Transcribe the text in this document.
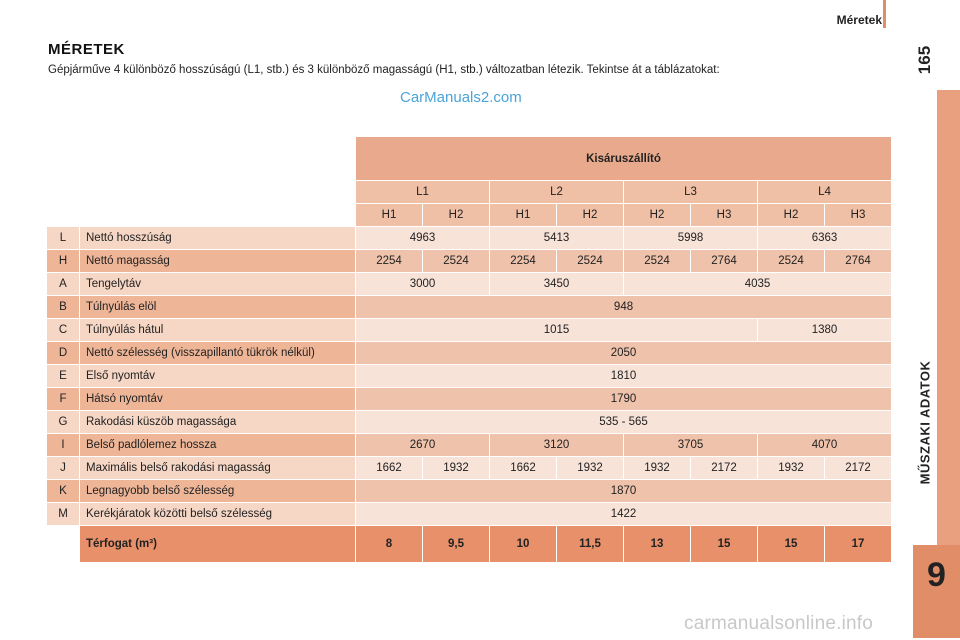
Méretek
165
MŰSZAKI ADATOK
9
MÉRETEK
Gépjármű​ve 4 különböző hosszúságú (L1, stb.) és 3 különböző magasságú (H1, stb.) változatban létezik. Tekintse át a táblázatokat:
CarManuals2.com
		Kisáruszállító							
		L1		L2		L3		L4	
		H1	H2	H1	H2	H2	H3	H2	H3
L	Nettó hosszúság	4963		5413		5998		6363	
H	Nettó magasság	2254	2524	2254	2524	2524	2764	2524	2764
A	Tengelytáv	3000		3450		4035			
B	Túlnyúlás elöl	948							
C	Túlnyúlás hátul	1015						1380	
D	Nettó szélesség (visszapillantó tükrök nélkül)	2050							
E	Első nyomtáv	1810							
F	Hátsó nyomtáv	1790							
G	Rakodási küszöb magassága	535 - 565							
I	Belső padlólemez hossza	2670		3120		3705		4070	
J	Maximális belső rakodási magasság	1662	1932	1662	1932	1932	2172	1932	2172
K	Legnagyobb belső szélesség	1870							
M	Kerékjáratok közötti belső szélesség	1422							
	Térfogat (m³)	8	9,5	10	11,5	13	15	15	17
carmanualsonline.info
